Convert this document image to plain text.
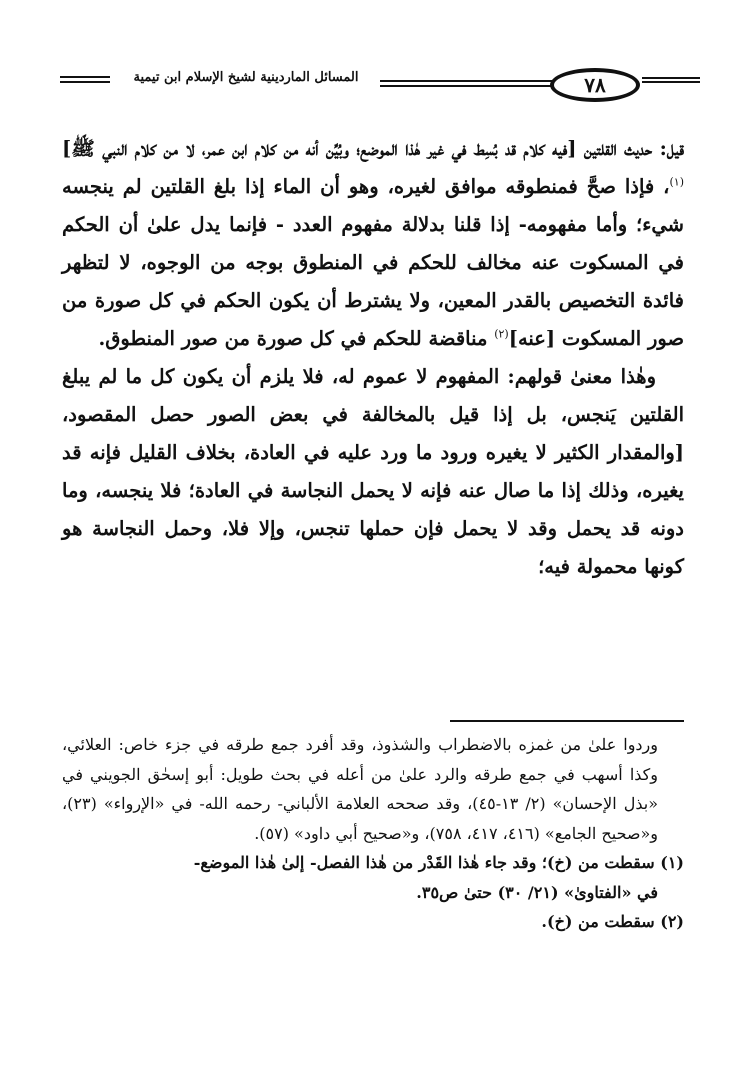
المسائل الماردينية لشيخ الإسلام ابن تيمية	٧٨

قيل: حديث القلتين [فيه كلام قد بُسِط في غير هٰذا الموضع؛ وبُيِّن أنه من كلام ابن عمر، لا من كلام النبي ﷺ]$^{(١)}$، فإذا صحَّ فمنطوقه موافق لغيره، وهو أن الماء إذا بلغ القلتين لم ينجسه شيء؛ وأما مفهومه- إذا قلنا بدلالة مفهوم العدد - فإنما يدل علىٰ أن الحكم في المسكوت عنه مخالف للحكم في المنطوق بوجه من الوجوه، لا لتظهر فائدة التخصيص بالقدر المعين، ولا يشترط أن يكون الحكم في كل صورة من صور المسكوت [عنه]$^{(٢)}$ مناقضة للحكم في كل صورة من صور المنطوق.

وهٰذا معنىٰ قولهم: المفهوم لا عموم له، فلا يلزم أن يكون كل ما لم يبلغ القلتين يَنجس، بل إذا قيل بالمخالفة في بعض الصور حصل المقصود، [والمقدار الكثير لا يغيره ورود ما ورد عليه في العادة، بخلاف القليل فإنه قد يغيره، وذلك إذا ما صال عنه فإنه لا يحمل النجاسة في العادة؛ فلا ينجسه، وما دونه قد يحمل وقد لا يحمل فإن حملها تنجس، وإلا فلا، وحمل النجاسة هو كونها محمولة فيه؛

وردوا علىٰ من غمزه بالاضطراب والشذوذ، وقد أفرد جمع طرقه في جزء خاص: العلائي، وكذا أسهب في جمع طرقه والرد علىٰ من أعله في بحث طويل: أبو إسحٰق الجويني في «بذل الإحسان» (٢/ ١٣-٤٥)، وقد صححه العلامة الألباني- رحمه الله- في «الإرواء» (٢٣)، و«صحيح الجامع» (٤١٦، ٤١٧، ٧٥٨)، و«صحيح أبي داود» (٥٧).

(١) سقطت من (خ)؛ وقد جاء هٰذا القَدْر من هٰذا الفصل- إلىٰ هٰذا الموضع-
في «الفتاوىٰ» (٢١/ ٣٠) حتىٰ ص٣٥.

(٢) سقطت من (خ).
